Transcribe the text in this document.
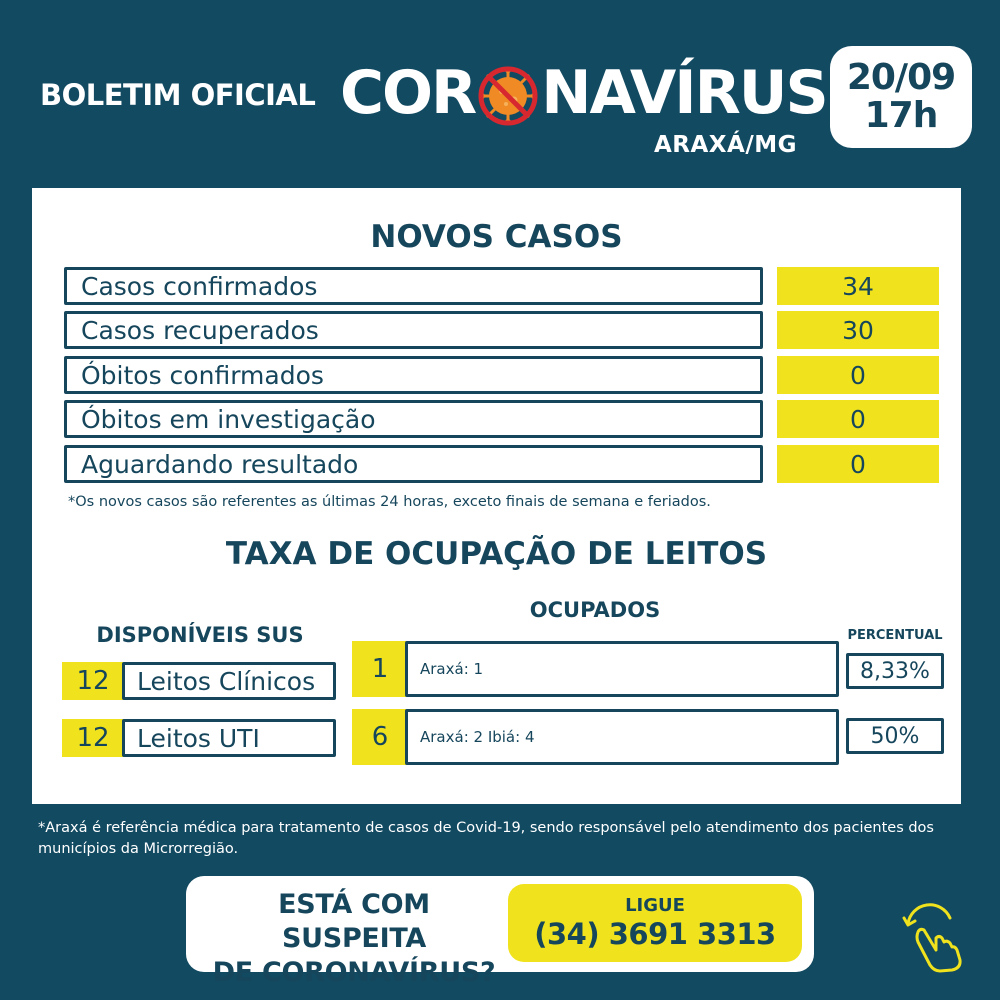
BOLETIM OFICIAL COR NAVÍRUS
ARAXÁ/MG
20/09
17h
NOVOS CASOS
Casos confirmados	34
Casos recuperados	30
Óbitos confirmados	0
Óbitos em investigação	0
Aguardando resultado	0
*Os novos casos são referentes as últimas 24 horas, exceto finais de semana e feriados.
TAXA DE OCUPAÇÃO DE LEITOS
DISPONÍVEIS SUS
OCUPADOS
PERCENTUAL
12	Leitos Clínicos	1	Araxá: 1	8,33%
12	Leitos UTI	6	Araxá: 2 Ibiá: 4	50%
*Araxá é referência médica para tratamento de casos de Covid-19, sendo responsável pelo atendimento dos pacientes dos municípios da Microrregião.
ESTÁ COM SUSPEITA
DE CORONAVÍRUS?
LIGUE
(34) 3691 3313
